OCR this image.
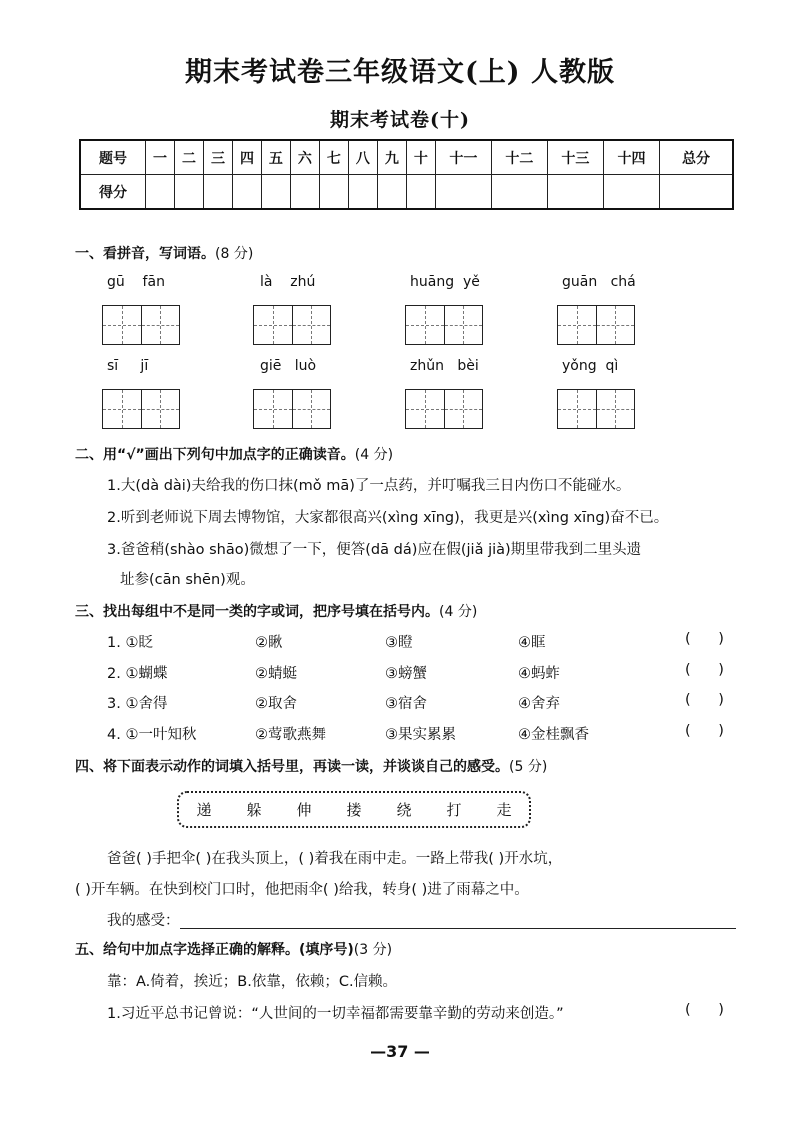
期末考试卷三年级语文(上) 人教版
期末考试卷(十)
题号	一	二	三	四	五	六	七	八	九	十	十一	十二	十三	十四	总分
得分															
一、看拼音，写词语。(8 分)
gū    fān	là    zhú	huāng  yě	guān   chá
sī     jī	giē   luò	zhǔn   bèi	yǒng  qì
二、用“√”画出下列句中加点字的正确读音。(4 分)
1.大(dà dài)夫给我的伤口抹(mǒ mā)了一点药，并叮嘱我三日内伤口不能碰水。
2.听到老师说下周去博物馆，大家都很高兴(xìng xīng)，我更是兴(xìng xīng)奋不已。
3.爸爸稍(shào shāo)微想了一下，便答(dā dá)应在假(jiǎ jià)期里带我到二里头遗
址参(cān shēn)观。
三、找出每组中不是同一类的字或词，把序号填在括号内。(4 分)
1. ①眨	②瞅	③瞪	④眶	(      )
2. ①蝴蝶	②蜻蜓	③螃蟹	④蚂蚱	(      )
3. ①舍得	②取舍	③宿舍	④舍弃	(      )
4. ①一叶知秋	②莺歌燕舞	③果实累累	④金桂飘香	(      )
四、将下面表示动作的词填入括号里，再读一读，并谈谈自己的感受。(5 分)
递 躲 伸 搂 绕 打 走
爸爸( )手把伞( )在我头顶上，( )着我在雨中走。一路上带我( )开水坑，
( )开车辆。在快到校门口时，他把雨伞( )给我，转身( )进了雨幕之中。
我的感受：
五、给句中加点字选择正确的解释。(填序号)(3 分)
靠：A.倚着，挨近；B.依靠，依赖；C.信赖。
1.习近平总书记曾说：“人世间的一切幸福都需要靠辛勤的劳动来创造。”	(      )
—37 —
